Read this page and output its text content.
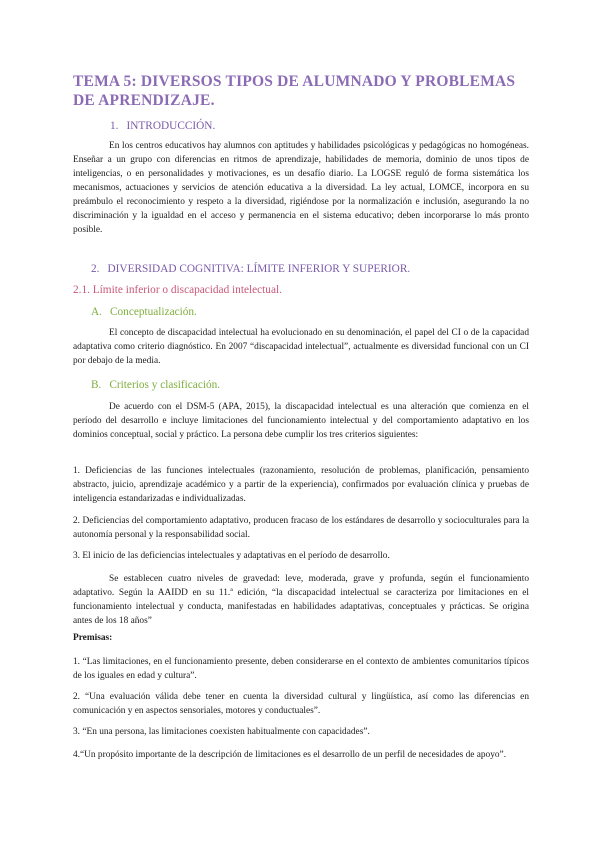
TEMA 5: DIVERSOS TIPOS DE ALUMNADO Y PROBLEMAS DE APRENDIZAJE.
1. INTRODUCCIÓN.

En los centros educativos hay alumnos con aptitudes y habilidades psicológicas y pedagógicas no homogéneas. Enseñar a un grupo con diferencias en ritmos de aprendizaje, habilidades de memoria, dominio de unos tipos de inteligencias, o en personalidades y motivaciones, es un desafío diario. La LOGSE reguló de forma sistemática los mecanismos, actuaciones y servicios de atención educativa a la diversidad. La ley actual, LOMCE, incorpora en su preámbulo el reconocimiento y respeto a la diversidad, rigiéndose por la normalización e inclusión, asegurando la no discriminación y la igualdad en el acceso y permanencia en el sistema educativo; deben incorporarse lo más pronto posible.

2. DIVERSIDAD COGNITIVA: LÍMITE INFERIOR Y SUPERIOR.
2.1. Límite inferior o discapacidad intelectual.
A. Conceptualización.

El concepto de discapacidad intelectual ha evolucionado en su denominación, el papel del CI o de la capacidad adaptativa como criterio diagnóstico. En 2007 “discapacidad intelectual”, actualmente es diversidad funcional con un CI por debajo de la media.

B. Criterios y clasificación.

De acuerdo con el DSM-5 (APA, 2015), la discapacidad intelectual es una alteración que comienza en el período del desarrollo e incluye limitaciones del funcionamiento intelectual y del comportamiento adaptativo en los dominios conceptual, social y práctico. La persona debe cumplir los tres criterios siguientes:

1. Deficiencias de las funciones intelectuales (razonamiento, resolución de problemas, planificación, pensamiento abstracto, juicio, aprendizaje académico y a partir de la experiencia), confirmados por evaluación clínica y pruebas de inteligencia estandarizadas e individualizadas.

2. Deficiencias del comportamiento adaptativo, producen fracaso de los estándares de desarrollo y socioculturales para la autonomía personal y la responsabilidad social.

3. El inicio de las deficiencias intelectuales y adaptativas en el período de desarrollo.

Se establecen cuatro niveles de gravedad: leve, moderada, grave y profunda, según el funcionamiento adaptativo. Según la AAIDD en su 11.ª edición, “la discapacidad intelectual se caracteriza por limitaciones en el funcionamiento intelectual y conducta, manifestadas en habilidades adaptativas, conceptuales y prácticas. Se origina antes de los 18 años”

Premisas:

1. “Las limitaciones, en el funcionamiento presente, deben considerarse en el contexto de ambientes comunitarios típicos de los iguales en edad y cultura”.

2. “Una evaluación válida debe tener en cuenta la diversidad cultural y lingüística, así como las diferencias en comunicación y en aspectos sensoriales, motores y conductuales”.

3. “En una persona, las limitaciones coexisten habitualmente con capacidades”.

4.“Un propósito importante de la descripción de limitaciones es el desarrollo de un perfil de necesidades de apoyo”.
